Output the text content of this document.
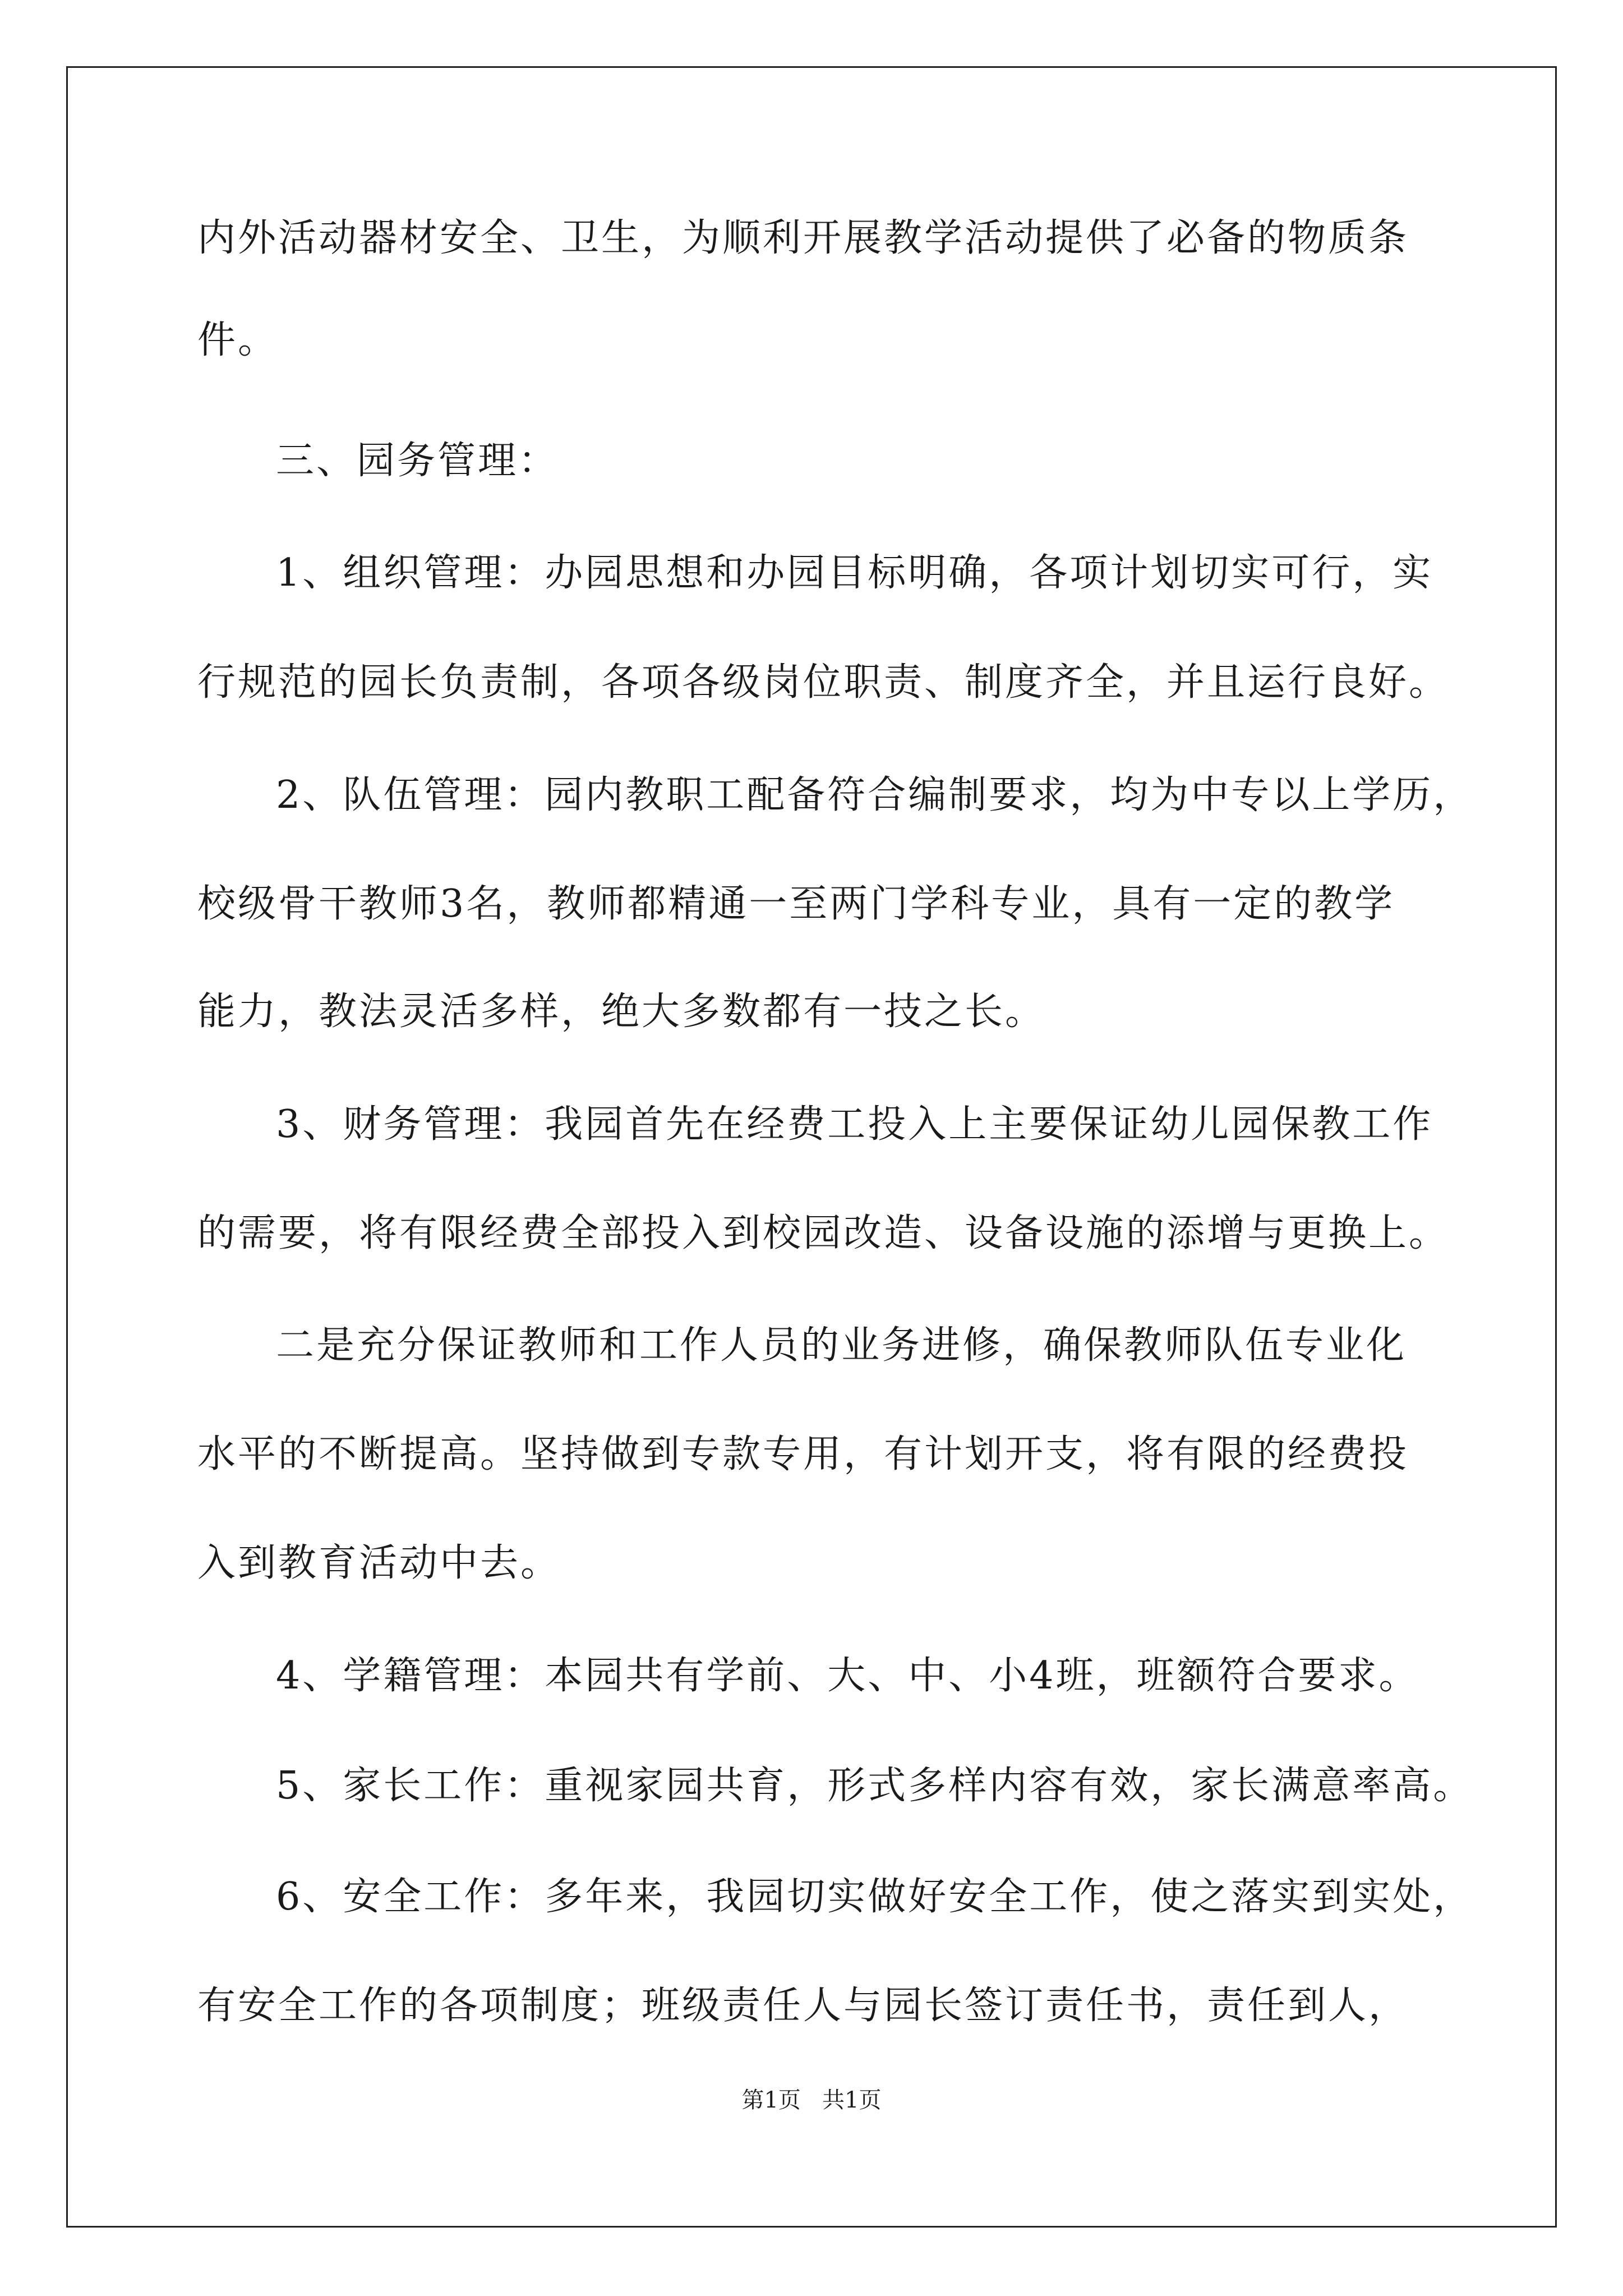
内外活动器材安全、卫生，为顺利开展教学活动提供了必备的物质条
件。
三、园务管理：
1、组织管理：办园思想和办园目标明确，各项计划切实可行，实
行规范的园长负责制，各项各级岗位职责、制度齐全，并且运行良好。
2、队伍管理：园内教职工配备符合编制要求，均为中专以上学历，
校级骨干教师3名，教师都精通一至两门学科专业，具有一定的教学
能力，教法灵活多样，绝大多数都有一技之长。
3、财务管理：我园首先在经费工投入上主要保证幼儿园保教工作
的需要，将有限经费全部投入到校园改造、设备设施的添增与更换上。
二是充分保证教师和工作人员的业务进修，确保教师队伍专业化
水平的不断提高。坚持做到专款专用，有计划开支，将有限的经费投
入到教育活动中去。
4、学籍管理：本园共有学前、大、中、小4班，班额符合要求。
5、家长工作：重视家园共育，形式多样内容有效，家长满意率高。
6、安全工作：多年来，我园切实做好安全工作，使之落实到实处，
有安全工作的各项制度；班级责任人与园长签订责任书，责任到人，
第1页   共1页
